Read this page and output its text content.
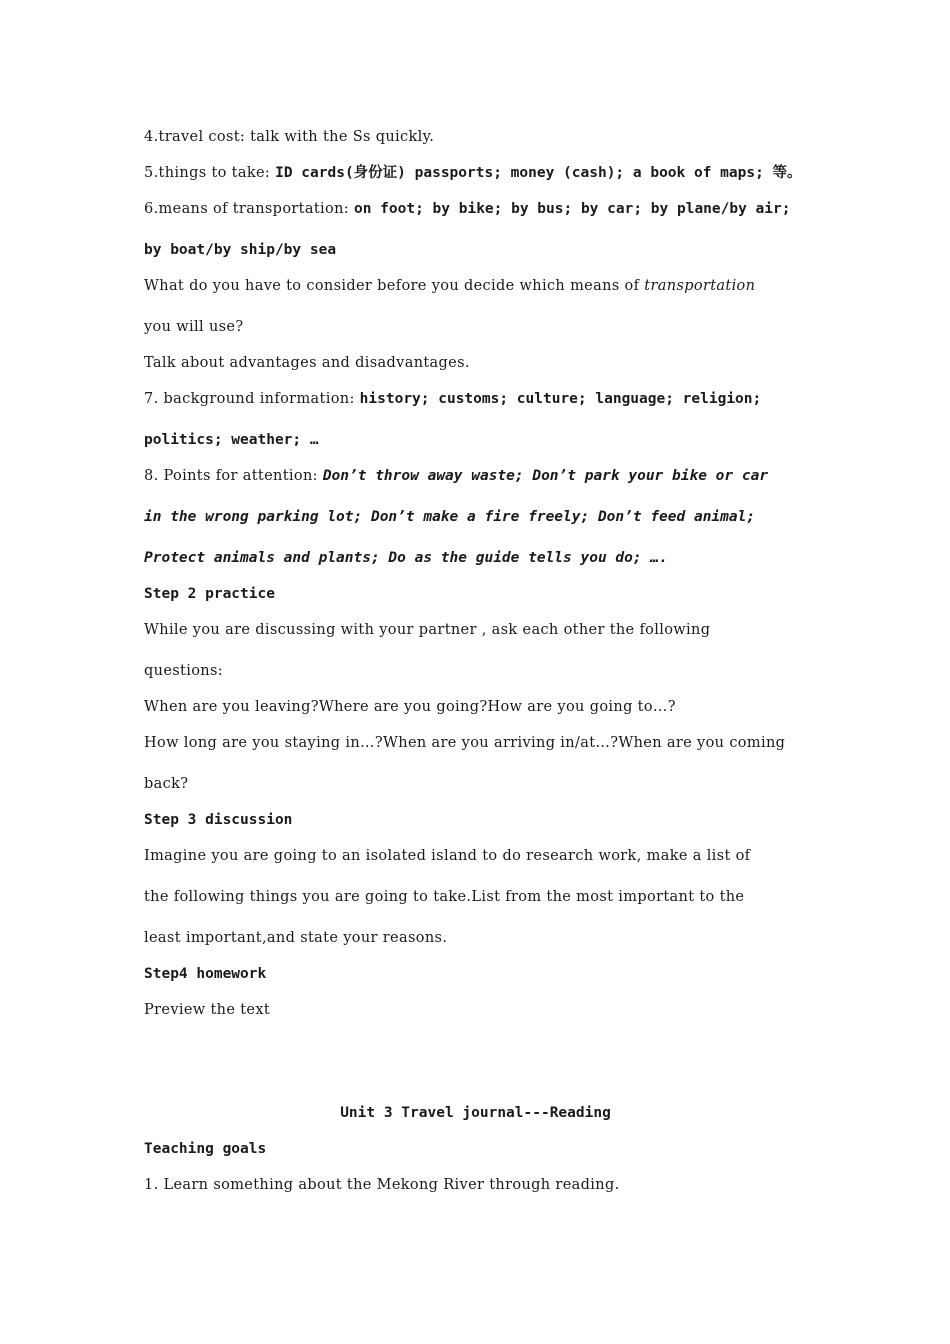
4.travel cost: talk with the Ss quickly.
5.things to take: ID cards(身份证) passports; money (cash); a book of maps; 等。
6.means of transportation: on foot; by bike; by bus; by car; by plane/by air;
by boat/by ship/by sea
What do you have to consider before you decide which means of transportation
you will use?
Talk about advantages and disadvantages.
7. background information: history; customs; culture; language; religion;
politics; weather; …
8. Points for attention: Don’t throw away waste; Don’t park your bike or car
in the wrong parking lot; Don’t make a fire freely; Don’t feed animal;
Protect animals and plants; Do as the guide tells you do; ….
Step 2 practice
While you are discussing with your partner , ask each other the following
questions:
When are you leaving?Where are you going?How are you going to…?
How long are you staying in…?When are you arriving in/at…?When are you coming
back?
Step 3 discussion
Imagine you are going to an isolated island to do research work, make a list of
the following things you are going to take.List from the most important to the
least important,and state your reasons.
Step4 homework
Preview the text
Unit 3 Travel journal---Reading
Teaching goals
1. Learn something about the Mekong River through reading.
